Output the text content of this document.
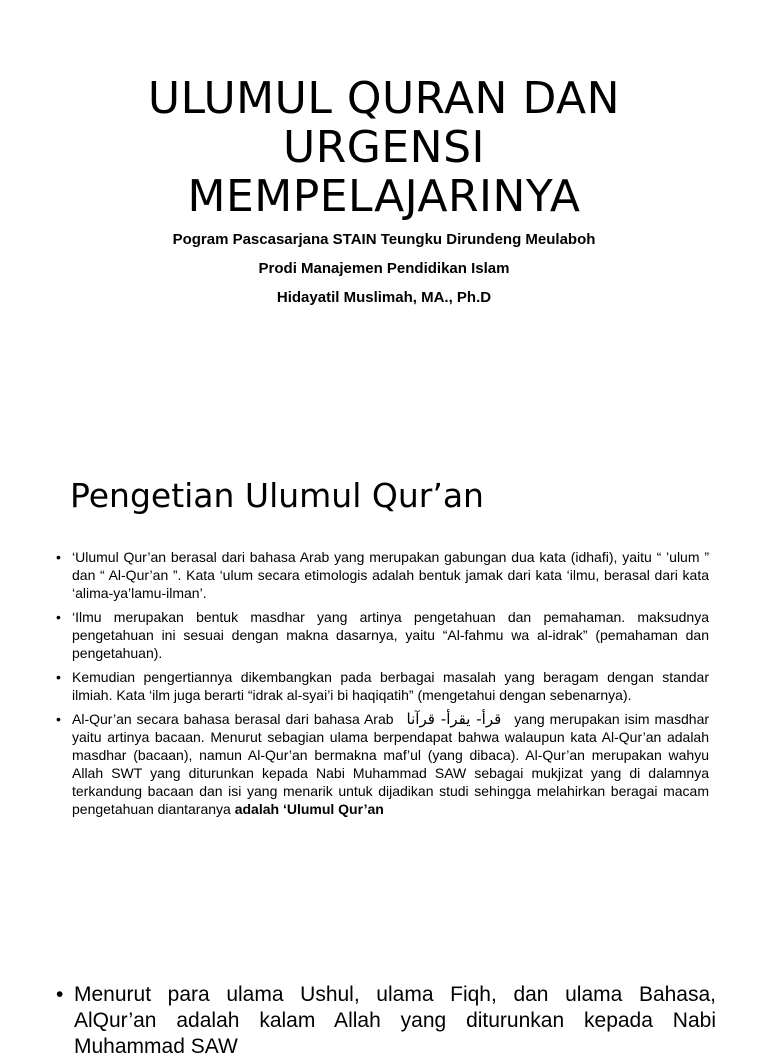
ULUMUL QURAN DAN
URGENSI
MEMPELAJARINYA
Pogram Pascasarjana STAIN Teungku Dirundeng Meulaboh
Prodi Manajemen Pendidikan Islam
Hidayatil Muslimah, MA., Ph.D
Pengetian Ulumul Qur’an
• ‘Ulumul Qur’an berasal dari bahasa Arab yang merupakan gabungan dua kata (idhafi), yaitu “ ’ulum ” dan “ Al-Qur’an ”. Kata ‘ulum secara etimologis adalah bentuk jamak dari kata ‘ilmu, berasal dari kata ‘alima-ya’lamu-ilman’.
• ‘Ilmu merupakan bentuk masdhar yang artinya pengetahuan dan pemahaman. maksudnya pengetahuan ini sesuai dengan makna dasarnya, yaitu “Al-fahmu wa al-idrak” (pemahaman dan pengetahuan).
• Kemudian pengertiannya dikembangkan pada berbagai masalah yang beragam dengan standar ilmiah. Kata ‘ilm juga berarti “idrak al-syai’i bi haqiqatih” (mengetahui dengan sebenarnya).
• Al-Qur’an secara bahasa berasal dari bahasa Arab قرأ- يقرأ- قرآنا yang merupakan isim masdhar yaitu artinya bacaan. Menurut sebagian ulama berpendapat bahwa walaupun kata Al-Qur’an adalah masdhar (bacaan), namun Al-Qur’an bermakna maf’ul (yang dibaca). Al-Qur’an merupakan wahyu Allah SWT yang diturunkan kepada Nabi Muhammad SAW sebagai mukjizat yang di dalamnya terkandung bacaan dan isi yang menarik untuk dijadikan studi sehingga melahirkan beragai macam pengetahuan diantaranya adalah ‘Ulumul Qur’an
• Menurut para ulama Ushul, ulama Fiqh, dan ulama Bahasa, AlQur’an adalah kalam Allah yang diturunkan kepada Nabi Muhammad SAW
